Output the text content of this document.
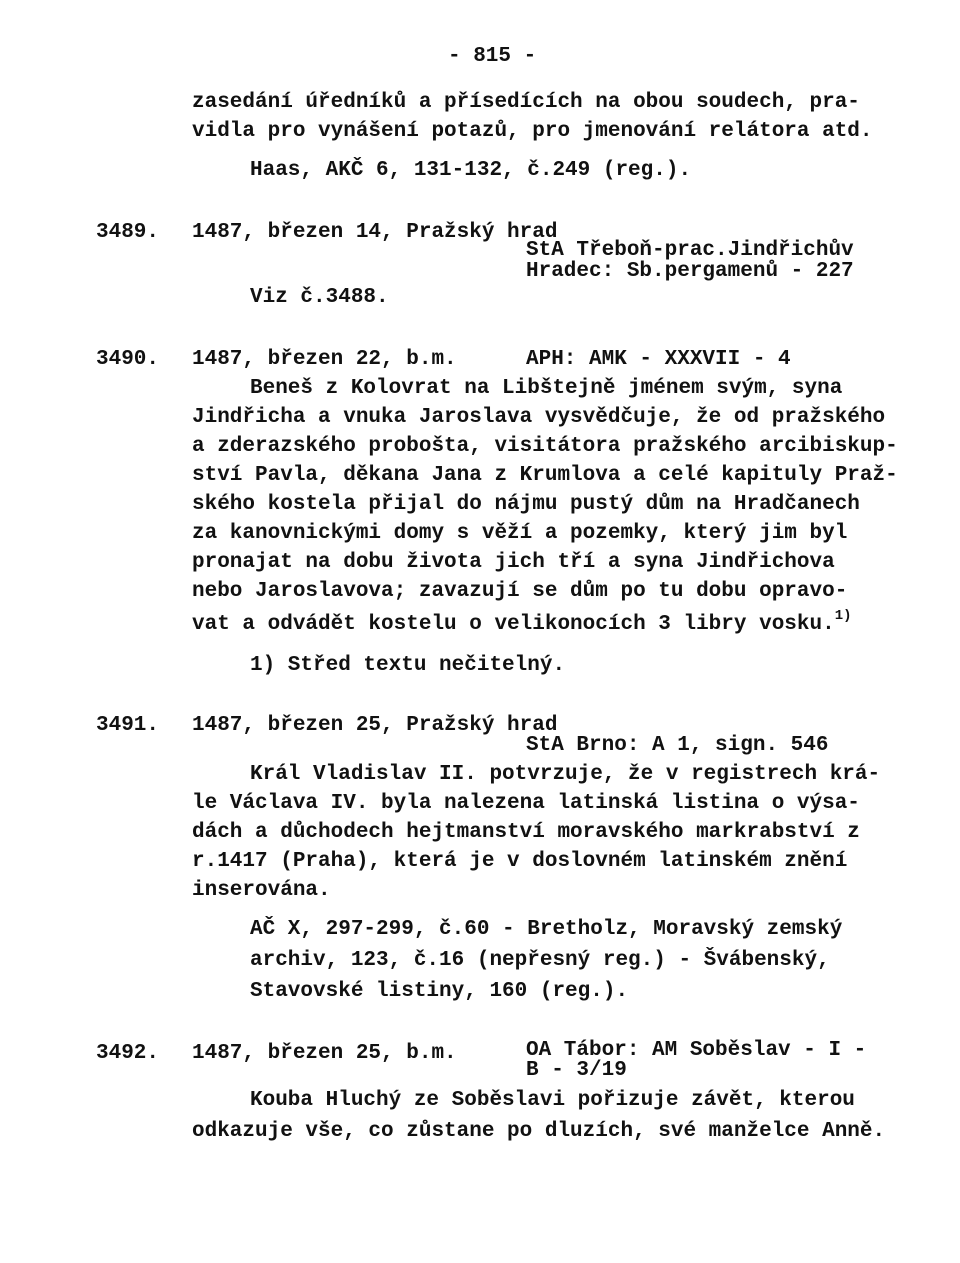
- 815 -
zasedání úředníků a přísedících na obou soudech, pra-
vidla pro vynášení potazů, pro jmenování relátora atd.
Haas, AKČ 6, 131-132, č.249 (reg.).
3489. 1487, březen 14, Pražský hrad
StA Třeboň-prac.Jindřichův
Hradec: Sb.pergamenů - 227
Viz č.3488.
3490. 1487, březen 22, b.m.	APH: AMK - XXXVII - 4
Beneš z Kolovrat na Libštejně jménem svým, syna
Jindřicha a vnuka Jaroslava vysvědčuje, že od pražského
a zderazského probošta, visitátora pražského arcibiskup-
ství Pavla, děkana Jana z Krumlova a celé kapituly Praž-
ského kostela přijal do nájmu pustý dům na Hradčanech
za kanovnickými domy s věží a pozemky, který jim byl
pronajat na dobu života jich tří a syna Jindřichova
nebo Jaroslavova; zavazují se dům po tu dobu opravo-
vat a odvádět kostelu o velikonocích 3 libry vosku.$^{1)}$
1) Střed textu nečitelný.
3491. 1487, březen 25, Pražský hrad
StA Brno: A 1, sign. 546
Král Vladislav II. potvrzuje, že v registrech krá-
le Václava IV. byla nalezena latinská listina o výsa-
dách a důchodech hejtmanství moravského markrabství z
r.1417 (Praha), která je v doslovném latinském znění
inserována.
AČ X, 297-299, č.60 - Bretholz, Moravský zemský
archiv, 123, č.16 (nepřesný reg.) - Švábenský,
Stavovské listiny, 160 (reg.).
3492. 1487, březen 25, b.m.	OA Tábor: AM Soběslav - I -
B - 3/19
Kouba Hluchý ze Soběslavi pořizuje závět, kterou
odkazuje vše, co zůstane po dluzích, své manželce Anně.
